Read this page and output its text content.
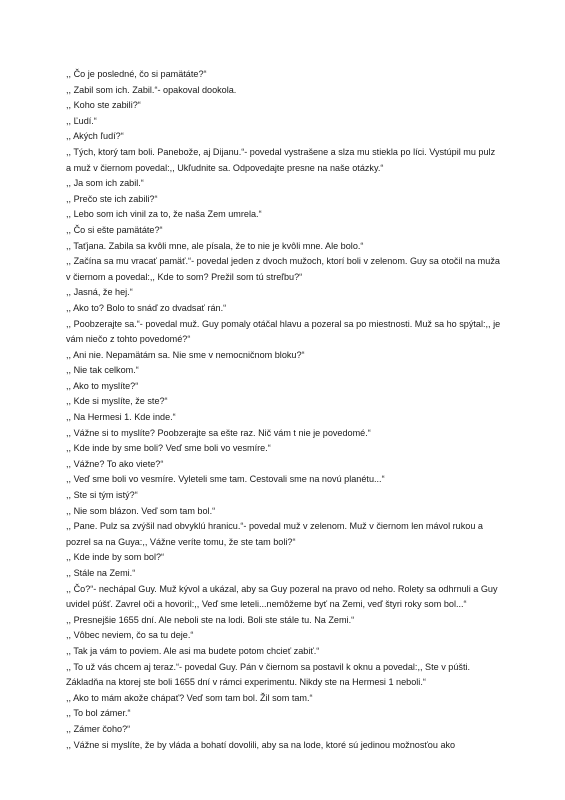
,, Čo je posledné, čo si pamätáte?“

,, Zabil som ich. Zabil.“- opakoval dookola.

,, Koho ste zabili?“

,, Ľudí.“

,, Akých ľudí?“

,, Tých, ktorý tam boli. Panebože, aj Dijanu.“- povedal vystrašene a slza mu stiekla po líci. Vystúpil mu pulz a muž v čiernom povedal:,, Ukľudnite sa. Odpovedajte presne na naše otázky.“

,, Ja som ich zabil.“

,, Prečo ste ich zabili?“

,, Lebo som ich vinil za to, že naša Zem umrela.“

,, Čo si ešte pamätáte?“

,, Taťjana. Zabila sa kvôli mne, ale písala, že to nie je kvôli mne. Ale bolo.“

,, Začína sa mu vracať pamäť.“- povedal jeden z dvoch mužoch, ktorí boli v zelenom. Guy sa otočil na muža v čiernom a povedal:,, Kde to som? Prežil som tú streľbu?“

,, Jasná, že hej.“

,, Ako to? Bolo to snáď zo dvadsať rán.“

,, Poobzerajte sa.“- povedal muž. Guy pomaly otáčal hlavu a pozeral sa po miestnosti. Muž sa ho spýtal:,, je vám niečo z tohto povedomé?“

,, Ani nie. Nepamätám sa. Nie sme v nemocničnom bloku?“

,, Nie tak celkom.“

,, Ako to myslíte?“

,, Kde si myslíte, že ste?“

,, Na Hermesi 1. Kde inde.“

,, Vážne si to myslíte? Poobzerajte sa ešte raz. Nič vám t nie je povedomé.“

,, Kde inde by sme boli? Veď sme boli vo vesmíre.“

,, Vážne? To ako viete?“

,, Veď sme boli vo vesmíre. Vyleteli sme tam. Cestovali sme na novú planétu...“

,, Ste si tým istý?“

,, Nie som blázon. Veď som tam bol.“

,, Pane. Pulz sa zvýšil nad obvyklú hranicu.“- povedal muž v zelenom. Muž v čiernom len mávol rukou a pozrel sa na Guya:,, Vážne veríte tomu, že ste tam boli?“

,, Kde inde by som bol?“

,, Stále na Zemi.“

,, Čo?“- nechápal Guy. Muž kývol a ukázal, aby sa Guy pozeral na pravo od neho. Rolety sa odhrnuli a Guy uvidel púšť. Zavrel oči a hovoril:,, Veď sme leteli...nemôžeme byť na Zemi, veď štyri roky som bol...“

,, Presnejšie 1655 dní. Ale neboli ste na lodi. Boli ste stále tu. Na Zemi.“

,, Vôbec neviem, čo sa tu deje.“

,, Tak ja vám to poviem. Ale asi ma budete potom chcieť zabiť.“

,, To už vás chcem aj teraz.“- povedal Guy. Pán v čiernom sa postavil k oknu a povedal:,, Ste v púšti. Základňa na ktorej ste boli 1655 dní v rámci experimentu. Nikdy ste na Hermesi 1 neboli.“

,, Ako to mám akože chápať? Veď som tam bol. Žil som tam.“

,, To bol zámer.“

,, Zámer čoho?“

,, Vážne si myslíte, že by vláda a bohatí dovolili, aby sa na lode, ktoré sú jedinou možnosťou ako
